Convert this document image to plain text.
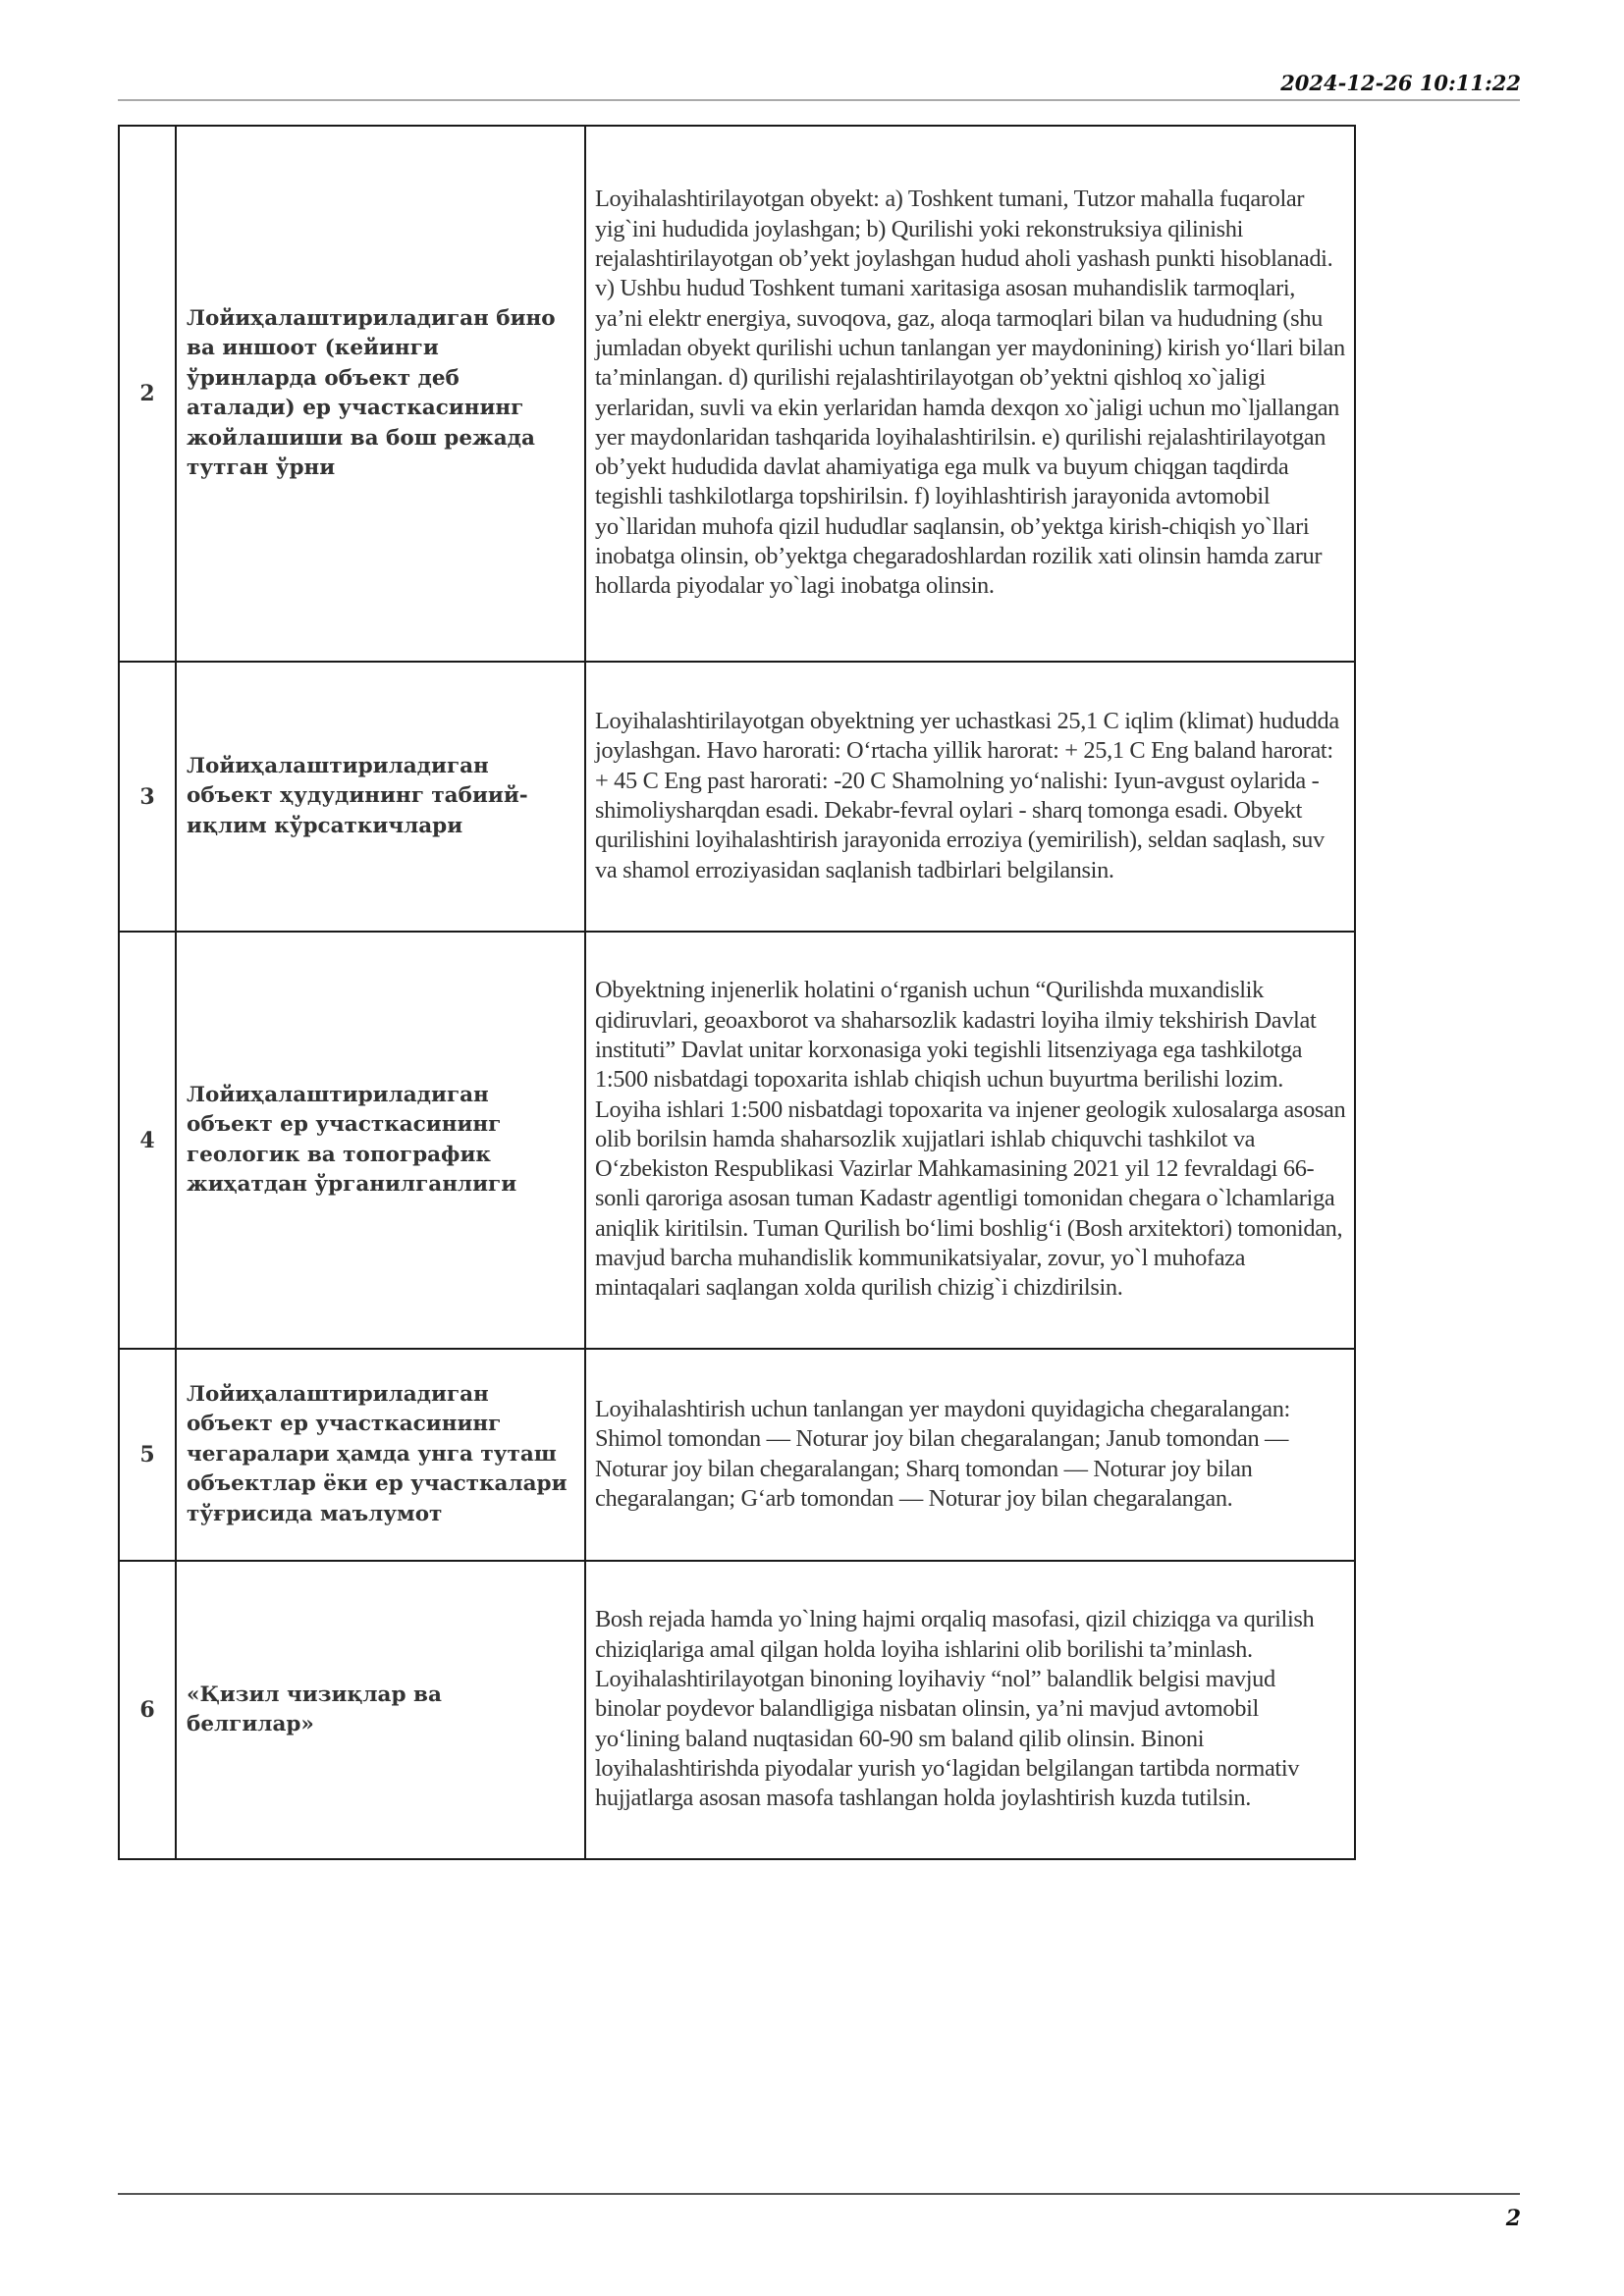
2024-12-26 10:11:22
2	Лойиҳалаштириладиган бино ва иншоот (кейинги ўринларда объект деб аталади) ер участкасининг жойлашиши ва бош режада тутган ўрни	Loyihalashtirilayotgan obyekt: a) Toshkent tumani, Tutzor mahalla fuqarolar yig`ini hududida joylashgan; b) Qurilishi yoki rekonstruksiya qilinishi rejalashtirilayotgan obʼyekt joylashgan hudud aholi yashash punkti hisoblanadi. v) Ushbu hudud Toshkent tumani xaritasiga asosan muhandislik tarmoqlari, yaʼni elektr energiya, suvoqova, gaz, aloqa tarmoqlari bilan va hududning (shu jumladan obyekt qurilishi uchun tanlangan yer maydonining) kirish yoʻllari bilan taʼminlangan. d) qurilishi rejalashtirilayotgan obʼyektni qishloq xo`jaligi yerlaridan, suvli va ekin yerlaridan hamda dexqon xo`jaligi uchun mo`ljallangan yer maydonlaridan tashqarida loyihalashtirilsin. e) qurilishi rejalashtirilayotgan obʼyekt hududida davlat ahamiyatiga ega mulk va buyum chiqgan taqdirda tegishli tashkilotlarga topshirilsin. f) loyihlashtirish jarayonida avtomobil yo`llaridan muhofa qizil hududlar saqlansin, obʼyektga kirish-chiqish yo`llari inobatga olinsin, obʼyektga chegaradoshlardan rozilik xati olinsin hamda zarur hollarda piyodalar yo`lagi inobatga olinsin.

3	Лойиҳалаштириладиган объект ҳудудининг табиий-иқлим кўрсаткичлари	Loyihalashtirilayotgan obyektning yer uchastkasi 25,1 C iqlim (klimat) hududda joylashgan. Havo harorati: Oʻrtacha yillik harorat: + 25,1 C Eng baland harorat: + 45 C Eng past harorati: -20 C Shamolning yoʻnalishi: Iyun-avgust oylarida - shimoliysharqdan esadi. Dekabr-fevral oylari - sharq tomonga esadi. Obyekt qurilishini loyihalashtirish jarayonida erroziya (yemirilish), seldan saqlash, suv va shamol erroziyasidan saqlanish tadbirlari belgilansin.

4	Лойиҳалаштириладиган объект ер участкасининг геологик ва топографик жиҳатдан ўрганилганлиги	Obyektning injenerlik holatini oʻrganish uchun “Qurilishda muxandislik qidiruvlari, geoaxborot va shaharsozlik kadastri loyiha ilmiy tekshirish Davlat instituti” Davlat unitar korxonasiga yoki tegishli litsenziyaga ega tashkilotga 1:500 nisbatdagi topoxarita ishlab chiqish uchun buyurtma berilishi lozim. Loyiha ishlari 1:500 nisbatdagi topoxarita va injener geologik xulosalarga asosan olib borilsin hamda shaharsozlik xujjatlari ishlab chiquvchi tashkilot va Oʻzbekiston Respublikasi Vazirlar Mahkamasining 2021 yil 12 fevraldagi 66-sonli qaroriga asosan tuman Kadastr agentligi tomonidan chegara o`lchamlariga aniqlik kiritilsin. Tuman Qurilish boʻlimi boshligʻi (Bosh arxitektori) tomonidan, mavjud barcha muhandislik kommunikatsiyalar, zovur, yo`l muhofaza mintaqalari saqlangan xolda qurilish chizig`i chizdirilsin.

5	Лойиҳалаштириладиган объект ер участкасининг чегаралари ҳамда унга туташ объектлар ёки ер участкалари тўғрисида маълумот	Loyihalashtirish uchun tanlangan yer maydoni quyidagicha chegaralangan: Shimol tomondan — Noturar joy bilan chegaralangan; Janub tomondan — Noturar joy bilan chegaralangan; Sharq tomondan — Noturar joy bilan chegaralangan; Gʻarb tomondan — Noturar joy bilan chegaralangan.

6	«Қизил чизиқлар ва белгилар»	Bosh rejada hamda yo`lning hajmi orqaliq masofasi, qizil chiziqga va qurilish chiziqlariga amal qilgan holda loyiha ishlarini olib borilishi taʼminlash. Loyihalashtirilayotgan binoning loyihaviy “nol” balandlik belgisi mavjud binolar poydevor balandligiga nisbatan olinsin, yaʼni mavjud avtomobil yoʻlining baland nuqtasidan 60-90 sm baland qilib olinsin. Binoni loyihalashtirishda piyodalar yurish yoʻlagidan belgilangan tartibda normativ hujjatlarga asosan masofa tashlangan holda joylashtirish kuzda tutilsin.
2
